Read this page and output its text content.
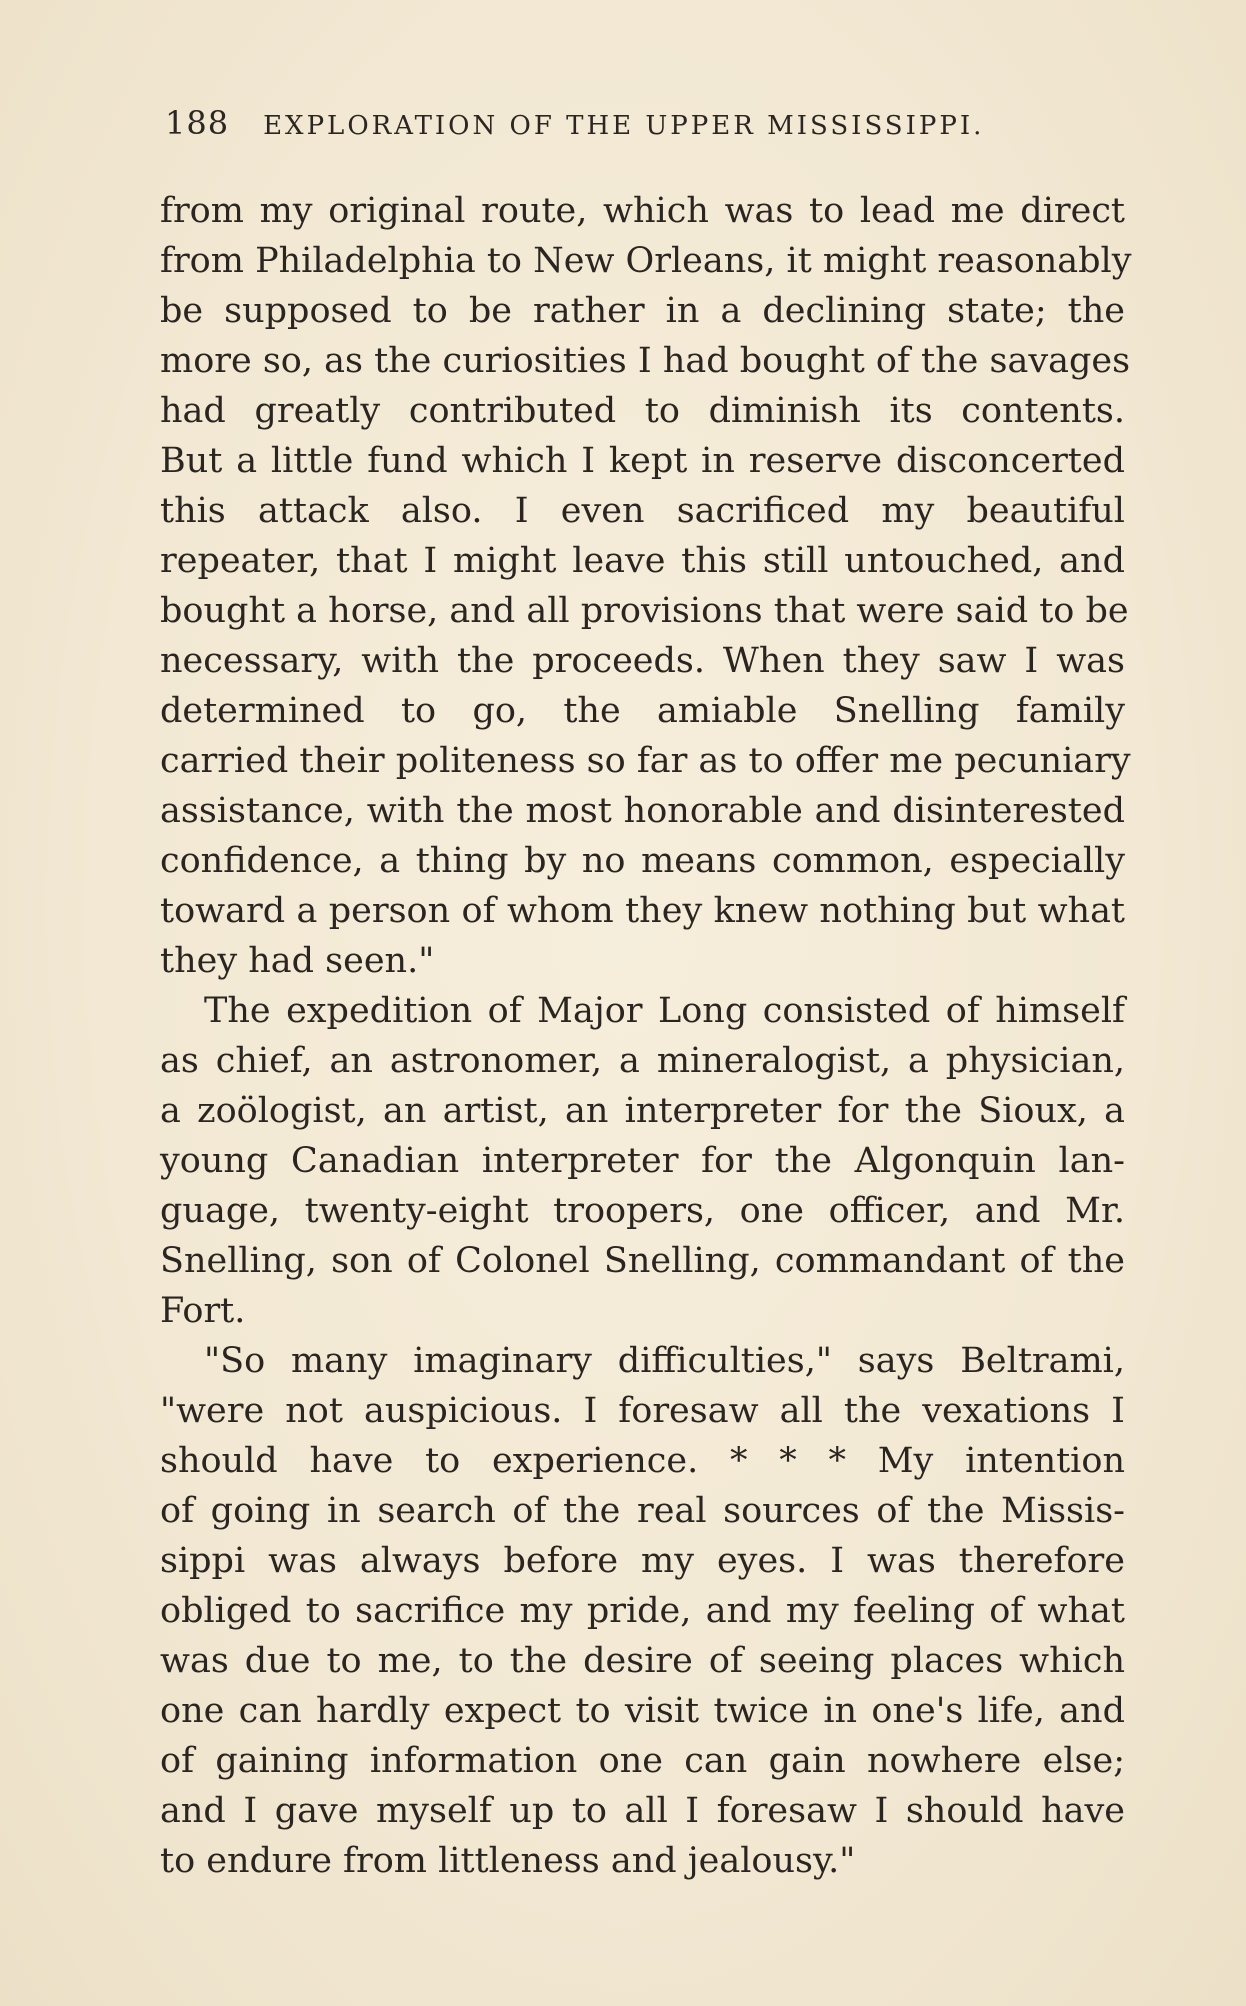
188 EXPLORATION OF THE UPPER MISSISSIPPI.
from my original route, which was to lead me direct
from Philadelphia to New Orleans, it might reasonably
be supposed to be rather in a declining state; the
more so, as the curiosities I had bought of the savages
had greatly contributed to diminish its contents.
But a little fund which I kept in reserve disconcerted
this attack also. I even sacrificed my beautiful
repeater, that I might leave this still untouched, and
bought a horse, and all provisions that were said to be
necessary, with the proceeds. When they saw I was
determined to go, the amiable Snelling family
carried their politeness so far as to offer me pecuniary
assistance, with the most honorable and disinterested
confidence, a thing by no means common, especially
toward a person of whom they knew nothing but what
they had seen."
The expedition of Major Long consisted of himself
as chief, an astronomer, a mineralogist, a physician,
a zoölogist, an artist, an interpreter for the Sioux, a
young Canadian interpreter for the Algonquin lan-
guage, twenty-eight troopers, one officer, and Mr.
Snelling, son of Colonel Snelling, commandant of the
Fort.
"So many imaginary difficulties," says Beltrami,
"were not auspicious. I foresaw all the vexations I
should have to experience. * * * My intention
of going in search of the real sources of the Missis-
sippi was always before my eyes. I was therefore
obliged to sacrifice my pride, and my feeling of what
was due to me, to the desire of seeing places which
one can hardly expect to visit twice in one's life, and
of gaining information one can gain nowhere else;
and I gave myself up to all I foresaw I should have
to endure from littleness and jealousy."
